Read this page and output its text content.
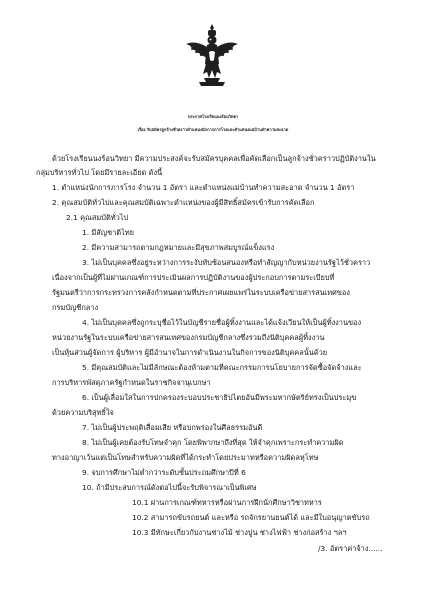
ประกาศโรงเรียนนงร้อนวิทยา
เรื่อง รับสมัครลูกจ้างชั่วคราวตำแหน่งนักการภารโรงและตำแหน่งแม่บ้านทำความสะอาด
ด้วยโรงเรียนนงร้อนวิทยา มีความประสงค์จะรับสมัครบุคคลเพื่อคัดเลือกเป็นลูกจ้างชั่วคราวปฏิบัติงานใน
กลุ่มบริหารทั่วไป โดยมีรายละเอียด ดังนี้
1. ตำแหน่งนักการภารโรง จำนวน 1 อัตรา และตำแหน่งแม่บ้านทำความสะอาด จำนวน 1 อัตรา
2. คุณสมบัติทั่วไปและคุณสมบัติเฉพาะตำแหน่งของผู้มีสิทธิ์สมัครเข้ารับการคัดเลือก
2.1 คุณสมบัติทั่วไป
1. มีสัญชาติไทย
2. มีความสามารถตามกฎหมายและมีสุขภาพสมบูรณ์แข็งแรง
3. ไม่เป็นบุคคลซึ่งอยู่ระหว่างการระงับทับซ้อนสนองหรือทำสัญญากับหน่วยงานรัฐไว้ชั่วคราว
เนื่องจากเป็นผู้ที่ไม่ผ่านเกณฑ์การประเมินผลการปฏิบัติงานของผู้ประกอบการตามระเบียบที่
รัฐมนตรีว่าการกระทรวงการคลังกำหนดตามที่ประกาศเผยแพร่ในระบบเครือข่ายสารสนเทศของ
กรมบัญชีกลาง
4. ไม่เป็นบุคคลซึ่งถูกระบุชื่อไว้ในบัญชีรายชื่อผู้ทิ้งงานและได้แจ้งเวียนให้เป็นผู้ทิ้งงานของ
หน่วยงานรัฐในระบบเครือข่ายสารสนเทศของกรมบัญชีกลางซึ่งรวมถึงนิติบุคคลผู้ทิ้งงาน
เป็นหุ้นส่วนผู้จัดการ ผู้บริหาร ผู้มีอำนาจในการดำเนินงานในกิจการของนิติบุคคลนั้นด้วย
5. มีคุณสมบัติและไม่มีลักษณะต้องห้ามตามที่คณะกรรมการนโยบายการจัดซื้อจัดจ้างและ
การบริหารพัสดุภาครัฐกำหนดในราชกิจจานุเบกษา
6. เป็นผู้เลื่อมใสในการปกครองระบอบประชาธิปไตยอันมีพระมหากษัตริย์ทรงเป็นประมุข
ด้วยความบริสุทธิ์ใจ
7. ไม่เป็นผู้ประพฤติเสื่อมเสีย หรือบกพร่องในศีลธรรมอันดี
8. ไม่เป็นผู้เคยต้องรับโทษจำคุก โดยพิพากษาถึงที่สุด ให้จำคุกเพราะกระทำความผิด
ทางอาญาเว้นแต่เป็นโทษสำหรับความผิดที่ได้กระทำโดยประมาทหรือความผิดลหุโทษ
9. จบการศึกษาไม่ต่ำกว่าระดับชั้นประถมศึกษาปีที่ 6
10. ถ้ามีประสบการณ์ดังต่อไปนี้จะรับพิจารณาเป็นพิเศษ
10.1 ผ่านการเกณฑ์ทหารหรือผ่านการฝึกนักศึกษาวิชาทหาร
10.2 สามารถขับรถยนต์ และหรือ รถจักรยานยนต์ได้ และมีใบอนุญาตขับรถ
10.3 มีทักษะเกี่ยวกับงานช่างไม้ ช่างปูน ช่างไฟฟ้า ช่างก่อสร้าง ฯลฯ
/3. อัตราค่าจ้าง......
